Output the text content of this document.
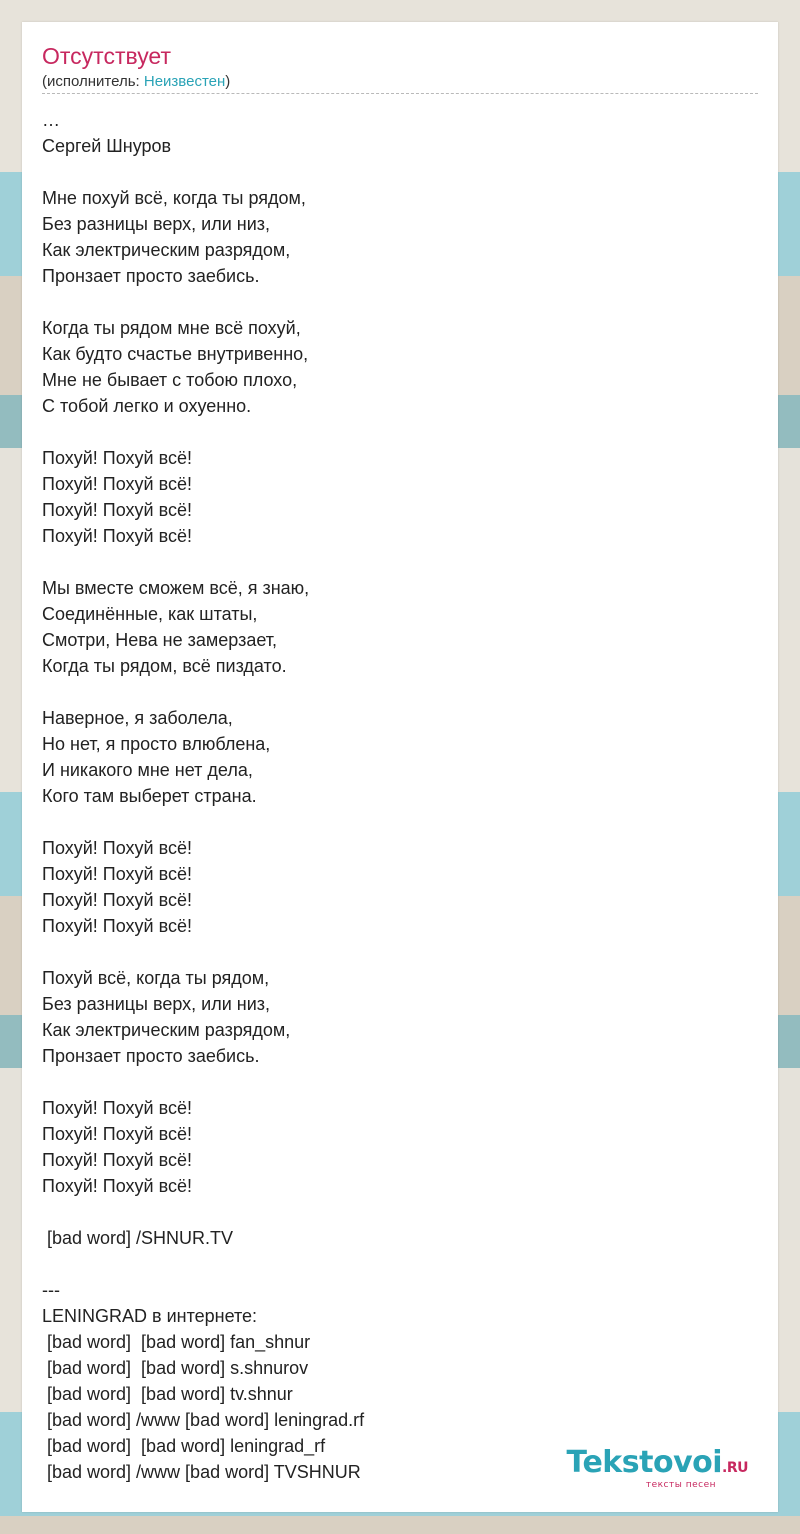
Отсутствует
(исполнитель: Неизвестен)
…
Сергей Шнуров
Мне похуй всё, когда ты рядом,
Без разницы верх, или низ,
Как электрическим разрядом,
Пронзает просто заебись.
Когда ты рядом мне всё похуй,
Как будто счастье внутривенно,
Мне не бывает с тобою плохо,
С тобой легко и охуенно.
Похуй! Похуй всё!
Похуй! Похуй всё!
Похуй! Похуй всё!
Похуй! Похуй всё!
Мы вместе сможем всё, я знаю,
Соединённые, как штаты,
Смотри, Нева не замерзает,
Когда ты рядом, всё пиздато.
Наверное, я заболела,
Но нет, я просто влюблена,
И никакого мне нет дела,
Кого там выберет страна.
Похуй! Похуй всё!
Похуй! Похуй всё!
Похуй! Похуй всё!
Похуй! Похуй всё!
Похуй всё, когда ты рядом,
Без разницы верх, или низ,
Как электрическим разрядом,
Пронзает просто заебись.
Похуй! Похуй всё!
Похуй! Похуй всё!
Похуй! Похуй всё!
Похуй! Похуй всё!
[bad word] /SHNUR.TV
---
LENINGRAD в интернете:
[bad word]  [bad word] fan_shnur
[bad word]  [bad word] s.shnurov
[bad word]  [bad word] tv.shnur
[bad word] /www [bad word] leningrad.rf
[bad word]  [bad word] leningrad_rf
[bad word] /www [bad word] TVSHNUR	Tekstovoi.RU
тексты песен
